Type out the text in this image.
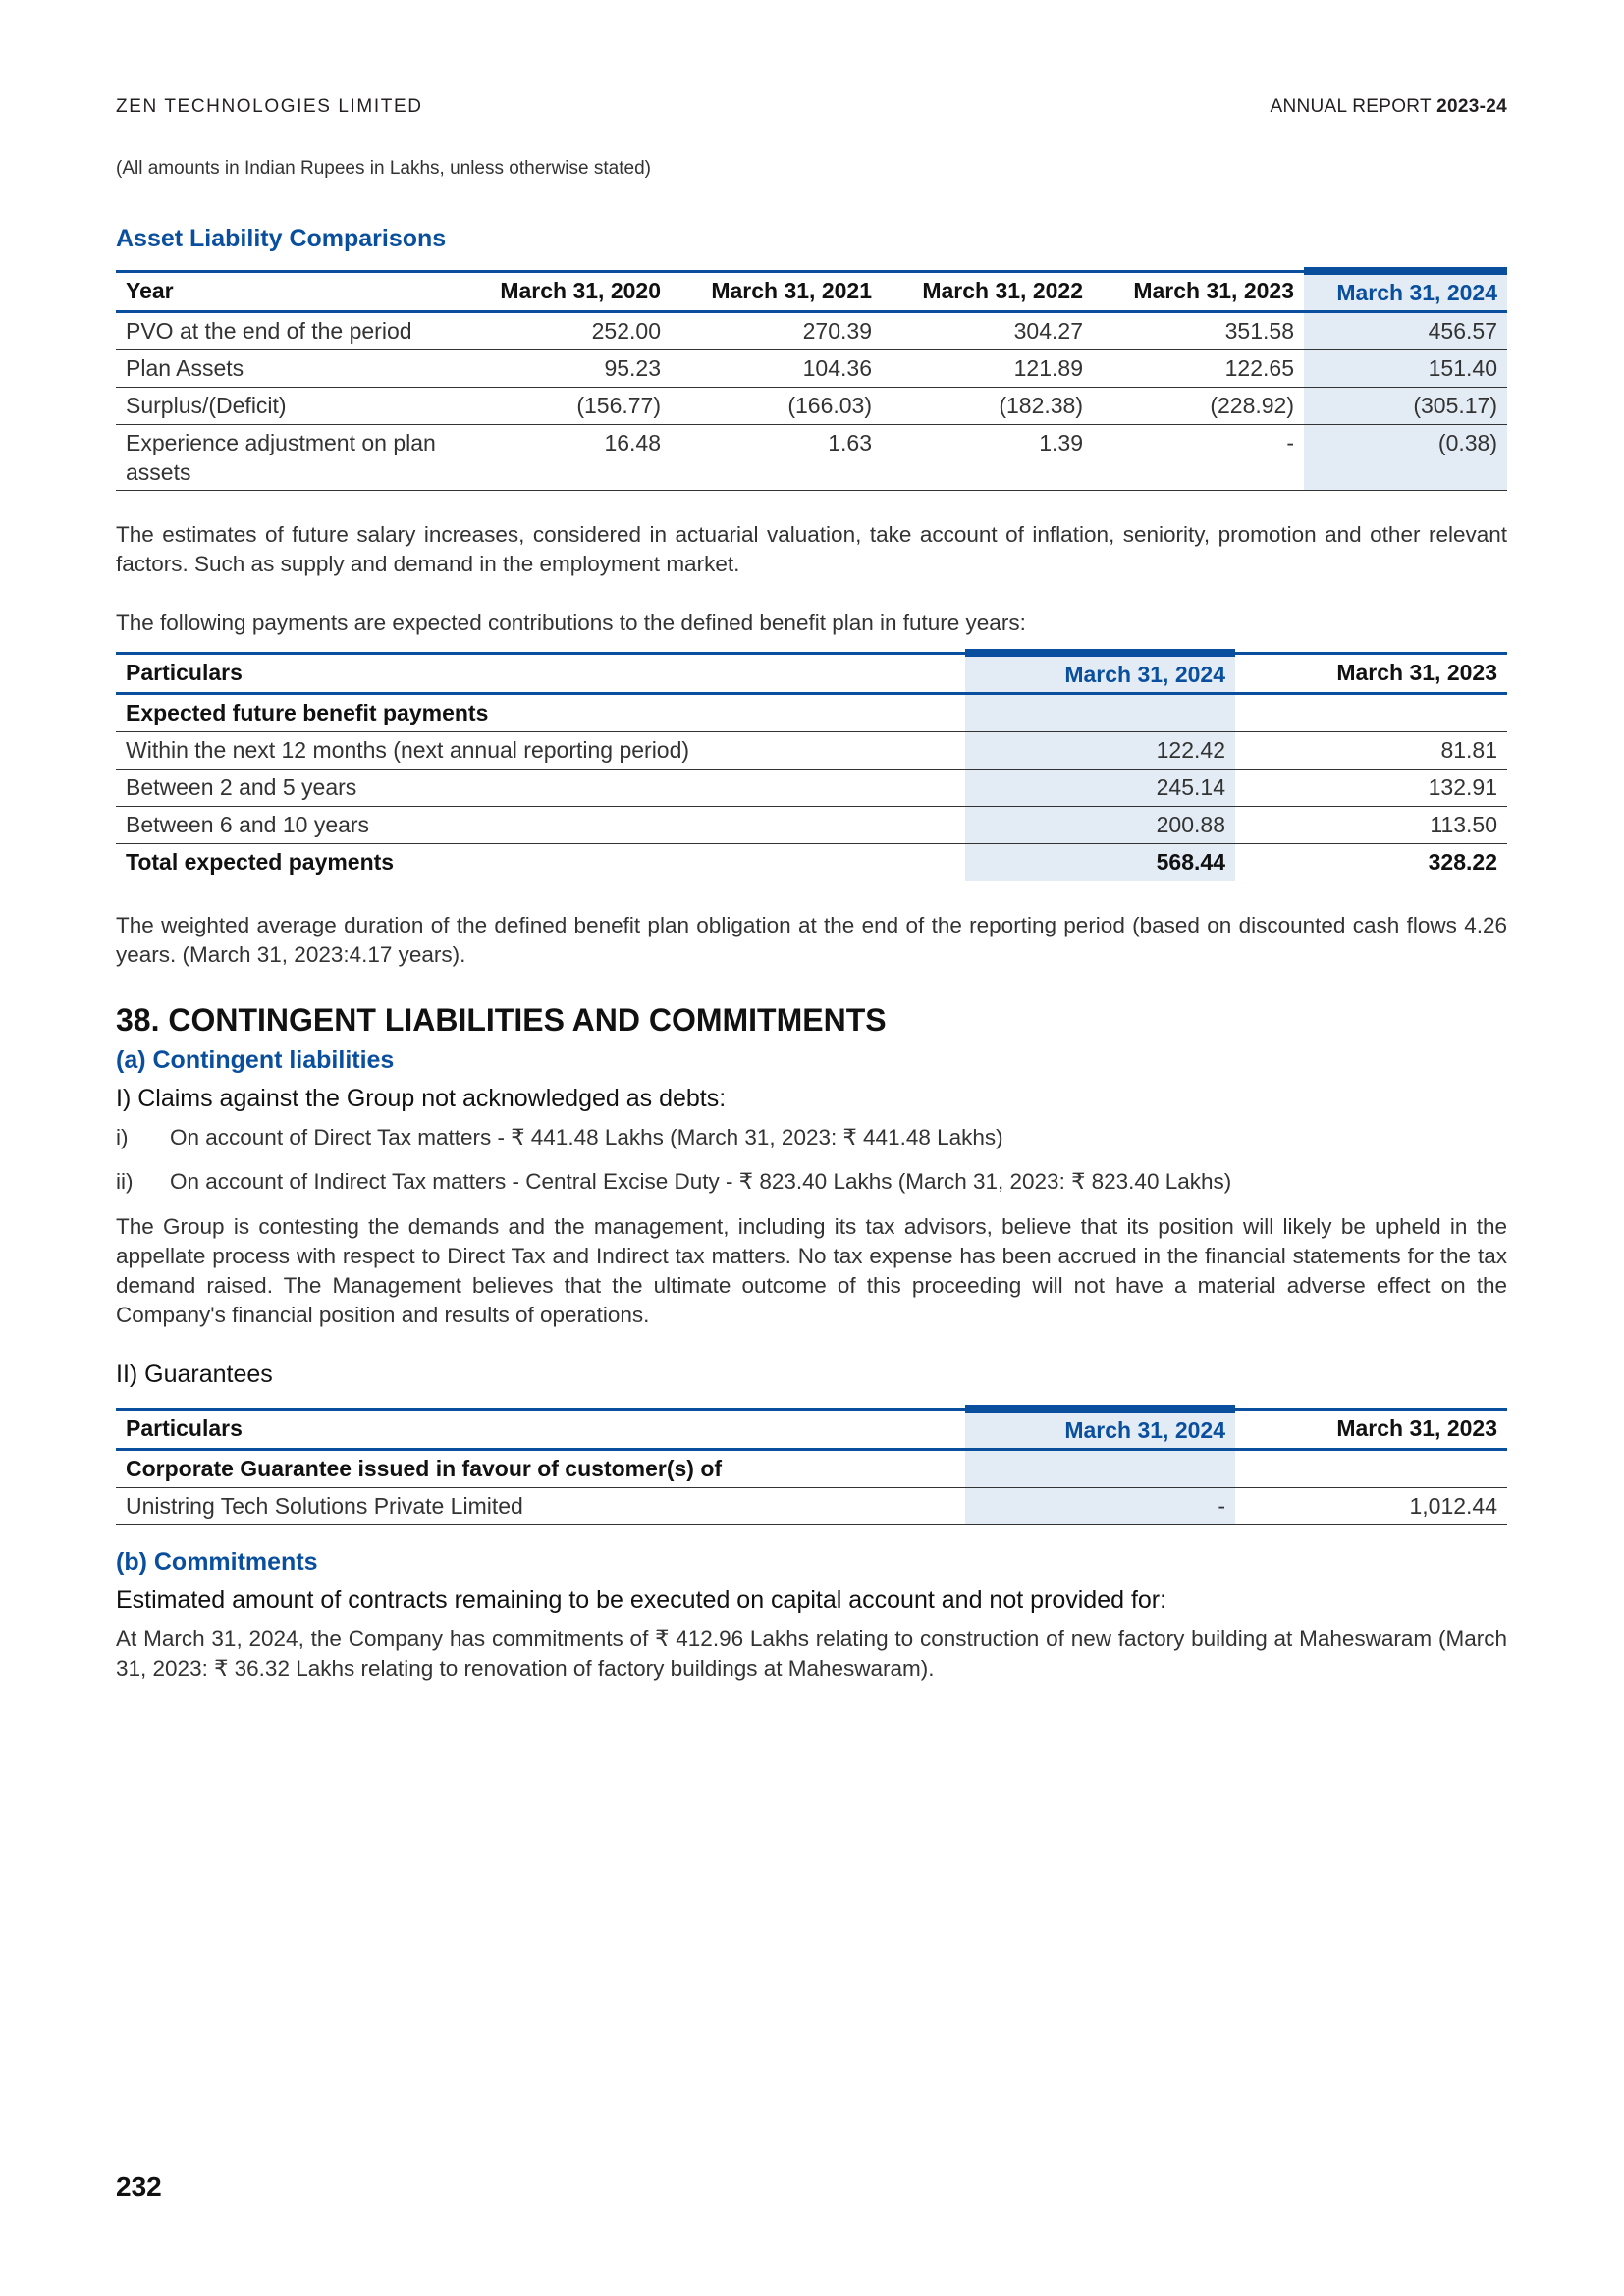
ZEN TECHNOLOGIES LIMITED	ANNUAL REPORT 2023-24
(All amounts in Indian Rupees in Lakhs, unless otherwise stated)
Asset Liability Comparisons
Year	March 31, 2020	March 31, 2021	March 31, 2022	March 31, 2023	March 31, 2024
PVO at the end of the period	252.00	270.39	304.27	351.58	456.57
Plan Assets	95.23	104.36	121.89	122.65	151.40
Surplus/(Deficit)	(156.77)	(166.03)	(182.38)	(228.92)	(305.17)
Experience adjustment on plan assets	16.48	1.63	1.39	-	(0.38)
The estimates of future salary increases, considered in actuarial valuation, take account of inflation, seniority, promotion and other relevant factors. Such as supply and demand in the employment market.
The following payments are expected contributions to the defined benefit plan in future years:
Particulars	March 31, 2024	March 31, 2023
Expected future benefit payments		
Within the next 12 months (next annual reporting period)	122.42	81.81
Between 2 and 5 years	245.14	132.91
Between 6 and 10 years	200.88	113.50
Total expected payments	568.44	328.22
The weighted average duration of the defined benefit plan obligation at the end of the reporting period (based on discounted cash flows 4.26 years. (March 31, 2023:4.17 years).
38. CONTINGENT LIABILITIES AND COMMITMENTS
(a) Contingent liabilities
I) Claims against the Group not acknowledged as debts:
i) On account of Direct Tax matters - ₹ 441.48 Lakhs (March 31, 2023: ₹ 441.48 Lakhs)
ii) On account of Indirect Tax matters - Central Excise Duty - ₹ 823.40 Lakhs (March 31, 2023: ₹ 823.40 Lakhs)
The Group is contesting the demands and the management, including its tax advisors, believe that its position will likely be upheld in the appellate process with respect to Direct Tax and Indirect tax matters. No tax expense has been accrued in the financial statements for the tax demand raised. The Management believes that the ultimate outcome of this proceeding will not have a material adverse effect on the Company's financial position and results of operations.
II) Guarantees
Particulars	March 31, 2024	March 31, 2023
Corporate Guarantee issued in favour of customer(s) of		
Unistring Tech Solutions Private Limited	-	1,012.44
(b) Commitments
Estimated amount of contracts remaining to be executed on capital account and not provided for:
At March 31, 2024, the Company has commitments of ₹ 412.96 Lakhs relating to construction of new factory building at Maheswaram (March 31, 2023: ₹ 36.32 Lakhs relating to renovation of factory buildings at Maheswaram).
232
